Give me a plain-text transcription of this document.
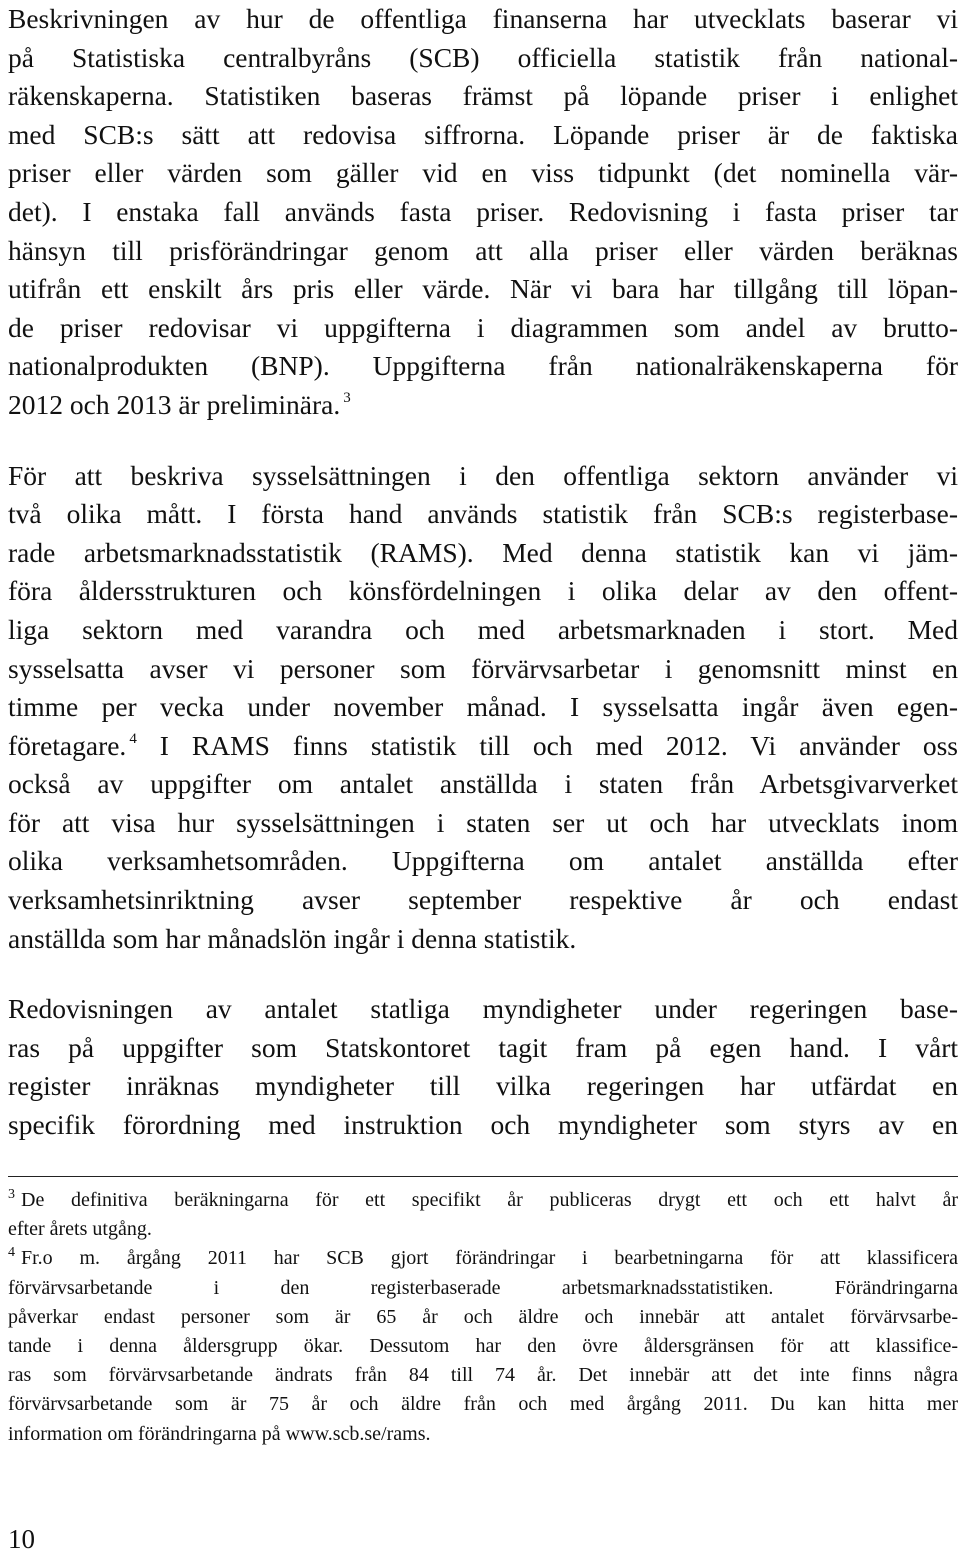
Beskrivningen av hur de offentliga finanserna har utvecklats baserar vi
på Statistiska centralbyråns (SCB) officiella statistik från national-
räkenskaperna. Statistiken baseras främst på löpande priser i enlighet
med SCB:s sätt att redovisa siffrorna. Löpande priser är de faktiska
priser eller värden som gäller vid en viss tidpunkt (det nominella vär-
det). I enstaka fall används fasta priser. Redovisning i fasta priser tar
hänsyn till prisförändringar genom att alla priser eller värden beräknas
utifrån ett enskilt års pris eller värde. När vi bara har tillgång till löpan-
de priser redovisar vi uppgifterna i diagrammen som andel av brutto-
nationalprodukten (BNP). Uppgifterna från nationalräkenskaperna för
2012 och 2013 är preliminära. $^3$
För att beskriva sysselsättningen i den offentliga sektorn använder vi
två olika mått. I första hand används statistik från SCB:s registerbase-
rade arbetsmarknadsstatistik (RAMS). Med denna statistik kan vi jäm-
föra åldersstrukturen och könsfördelningen i olika delar av den offent-
liga sektorn med varandra och med arbetsmarknaden i stort. Med
sysselsatta avser vi personer som förvärvsarbetar i genomsnitt minst en
timme per vecka under november månad. I sysselsatta ingår även egen-
företagare. $^4$ I RAMS finns statistik till och med 2012. Vi använder oss
också av uppgifter om antalet anställda i staten från Arbetsgivarverket
för att visa hur sysselsättningen i staten ser ut och har utvecklats inom
olika verksamhetsområden. Uppgifterna om antalet anställda efter
verksamhetsinriktning avser september respektive år och endast
anställda som har månadslön ingår i denna statistik.
Redovisningen av antalet statliga myndigheter under regeringen base-
ras på uppgifter som Statskontoret tagit fram på egen hand. I vårt
register inräknas myndigheter till vilka regeringen har utfärdat en
specifik förordning med instruktion och myndigheter som styrs av en
$^3$ De definitiva beräkningarna för ett specifikt år publiceras drygt ett och ett halvt år
efter årets utgång.
$^4$ Fr.o m. årgång 2011 har SCB gjort förändringar i bearbetningarna för att klassificera
förvärvsarbetande i den registerbaserade arbetsmarknadsstatistiken. Förändringarna
påverkar endast personer som är 65 år och äldre och innebär att antalet förvärvsarbe-
tande i denna åldersgrupp ökar. Dessutom har den övre åldersgränsen för att klassifice-
ras som förvärvsarbetande ändrats från 84 till 74 år. Det innebär att det inte finns några
förvärvsarbetande som är 75 år och äldre från och med årgång 2011. Du kan hitta mer
information om förändringarna på www.scb.se/rams.
10
